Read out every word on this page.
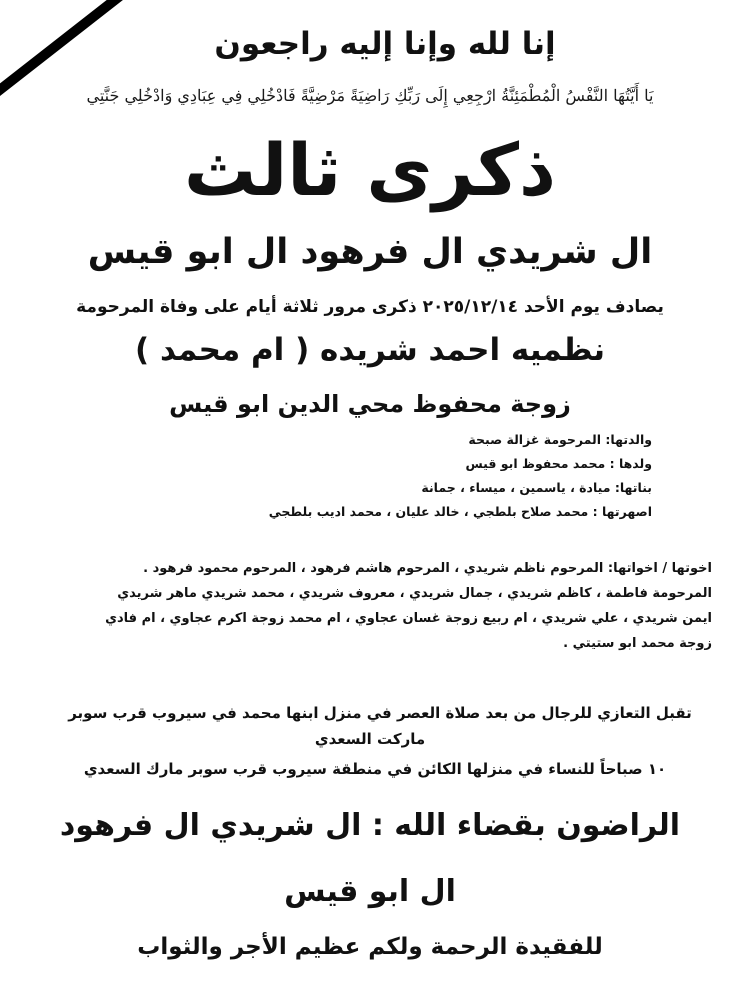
إنا لله وإنا إليه راجعون

يَا أَيَّتُهَا النَّفْسُ الْمُطْمَئِنَّةُ ارْجِعِي إِلَى رَبِّكِ رَاضِيَةً مَرْضِيَّةً فَادْخُلِي فِي عِبَادِي وَادْخُلِي جَنَّتِي

ذكرى ثالث

ال شريدي ال فرهود ال ابو قيس

يصادف يوم الأحد ٢٠٢٥/١٢/١٤ ذكرى مرور ثلاثة أيام على وفاة المرحومة

نظميه احمد شريده ( ام محمد )

زوجة محفوظ محي الدين ابو قيس

والدتها: المرحومة غزالة صبحة
ولدها : محمد محفوظ ابو قيس
بناتها: ميادة ، ياسمين ، ميساء ، جمانة
اصهرتها : محمد صلاح بلطجي ، خالد عليان ، محمد اديب بلطجي
اخوتها / اخواتها: المرحوم ناظم شريدي ، المرحوم هاشم فرهود ، المرحوم محمود فرهود .
المرحومة فاطمة ، كاظم شريدي ، جمال شريدي ، معروف شريدي ، محمد شريدي ماهر شريدي
ايمن شريدي ، علي شريدي ، ام ربيع زوجة غسان عجاوي ، ام محمد زوجة اكرم عجاوي ، ام فادي
زوجة محمد ابو ستيتي .
تقبل التعازي للرجال من بعد صلاة العصر في منزل ابنها محمد في سيروب قرب سوبر
ماركت السعدي
١٠ صباحاً للنساء في منزلها الكائن في منطقة سيروب قرب سوبر مارك السعدي

الراضون بقضاء الله : ال شريدي ال فرهود

ال ابو قيس

للفقيدة الرحمة ولكم عظيم الأجر والثواب
